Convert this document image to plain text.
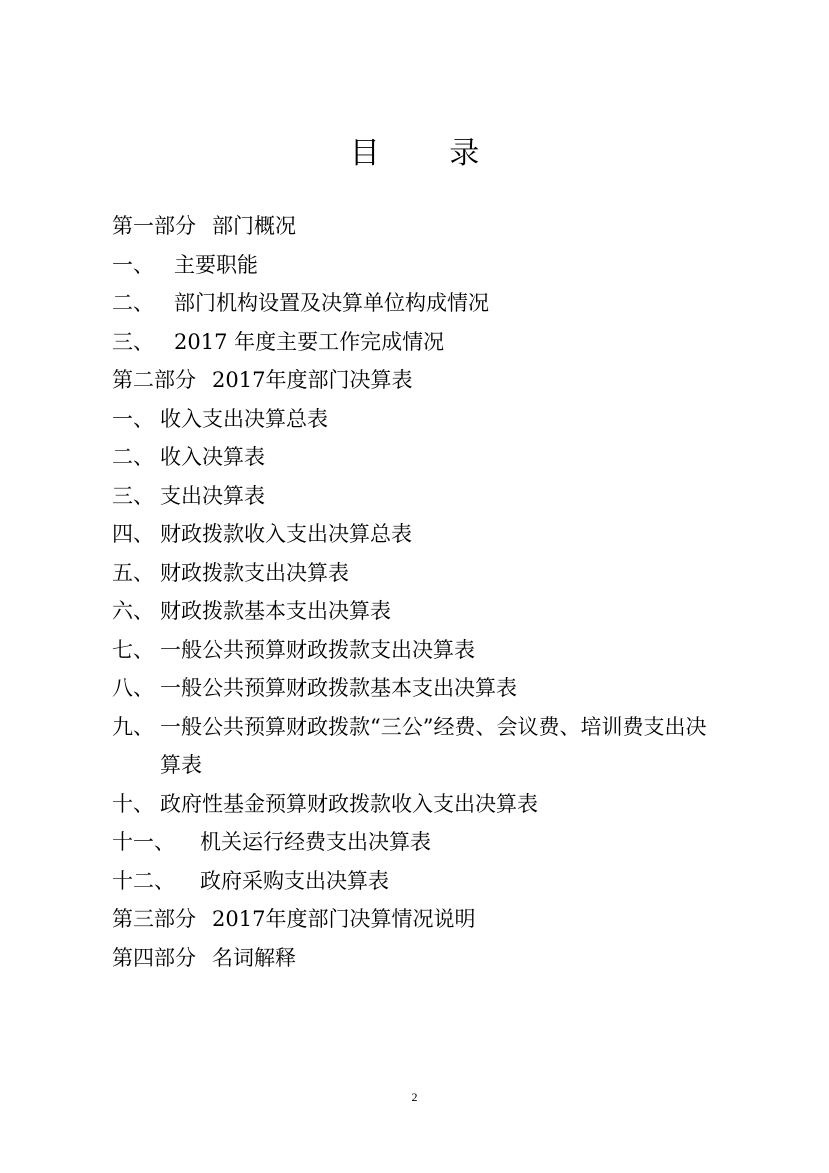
目 录
第一部分 部门概况
一、 主要职能
二、 部门机构设置及决算单位构成情况
三、 2017 年度主要工作完成情况
第二部分 2017年度部门决算表
一、 收入支出决算总表
二、 收入决算表
三、 支出决算表
四、 财政拨款收入支出决算总表
五、 财政拨款支出决算表
六、 财政拨款基本支出决算表
七、 一般公共预算财政拨款支出决算表
八、 一般公共预算财政拨款基本支出决算表
九、 一般公共预算财政拨款“三公”经费、会议费、培训费支出决算表
十、 政府性基金预算财政拨款收入支出决算表
十一、	机关运行经费支出决算表
十二、	政府采购支出决算表
第三部分 2017年度部门决算情况说明
第四部分 名词解释
2
